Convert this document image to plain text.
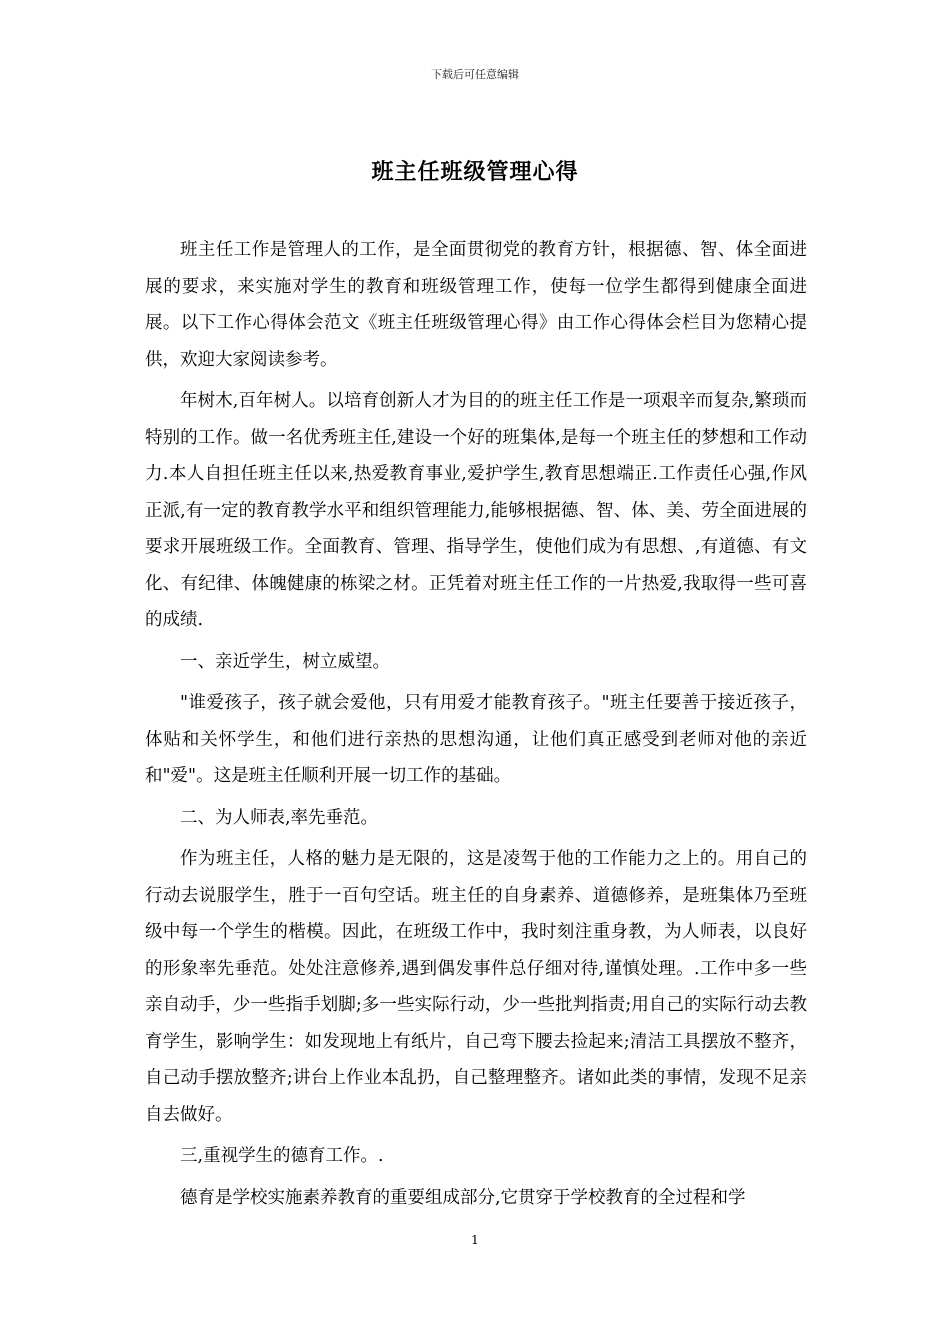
下载后可任意编辑
班主任班级管理心得

班主任工作是管理人的工作，是全面贯彻党的教育方针，根据德、智、体全面进展的要求，来实施对学生的教育和班级管理工作，使每一位学生都得到健康全面进展。以下工作心得体会范文《班主任班级管理心得》由工作心得体会栏目为您精心提供，欢迎大家阅读参考。

年树木,百年树人。以培育创新人才为目的的班主任工作是一项艰辛而复杂,繁琐而特别的工作。做一名优秀班主任,建设一个好的班集体,是每一个班主任的梦想和工作动力.本人自担任班主任以来,热爱教育事业,爱护学生,教育思想端正.工作责任心强,作风正派,有一定的教育教学水平和组织管理能力,能够根据德、智、体、美、劳全面进展的要求开展班级工作。全面教育、管理、指导学生，使他们成为有思想、,有道德、有文化、有纪律、体魄健康的栋梁之材。正凭着对班主任工作的一片热爱,我取得一些可喜的成绩.

一、亲近学生，树立威望。

"谁爱孩子，孩子就会爱他，只有用爱才能教育孩子。"班主任要善于接近孩子，体贴和关怀学生，和他们进行亲热的思想沟通，让他们真正感受到老师对他的亲近和"爱"。这是班主任顺利开展一切工作的基础。

二、为人师表,率先垂范。

作为班主任，人格的魅力是无限的，这是凌驾于他的工作能力之上的。用自己的行动去说服学生，胜于一百句空话。班主任的自身素养、道德修养，是班集体乃至班级中每一个学生的楷模。因此，在班级工作中，我时刻注重身教，为人师表，以良好的形象率先垂范。处处注意修养,遇到偶发事件总仔细对待,谨慎处理。.工作中多一些亲自动手，少一些指手划脚;多一些实际行动，少一些批判指责;用自己的实际行动去教育学生，影响学生：如发现地上有纸片，自己弯下腰去捡起来;清洁工具摆放不整齐，自己动手摆放整齐;讲台上作业本乱扔，自己整理整齐。诸如此类的事情，发现不足亲自去做好。

三,重视学生的德育工作。.

德育是学校实施素养教育的重要组成部分,它贯穿于学校教育的全过程和学

1
